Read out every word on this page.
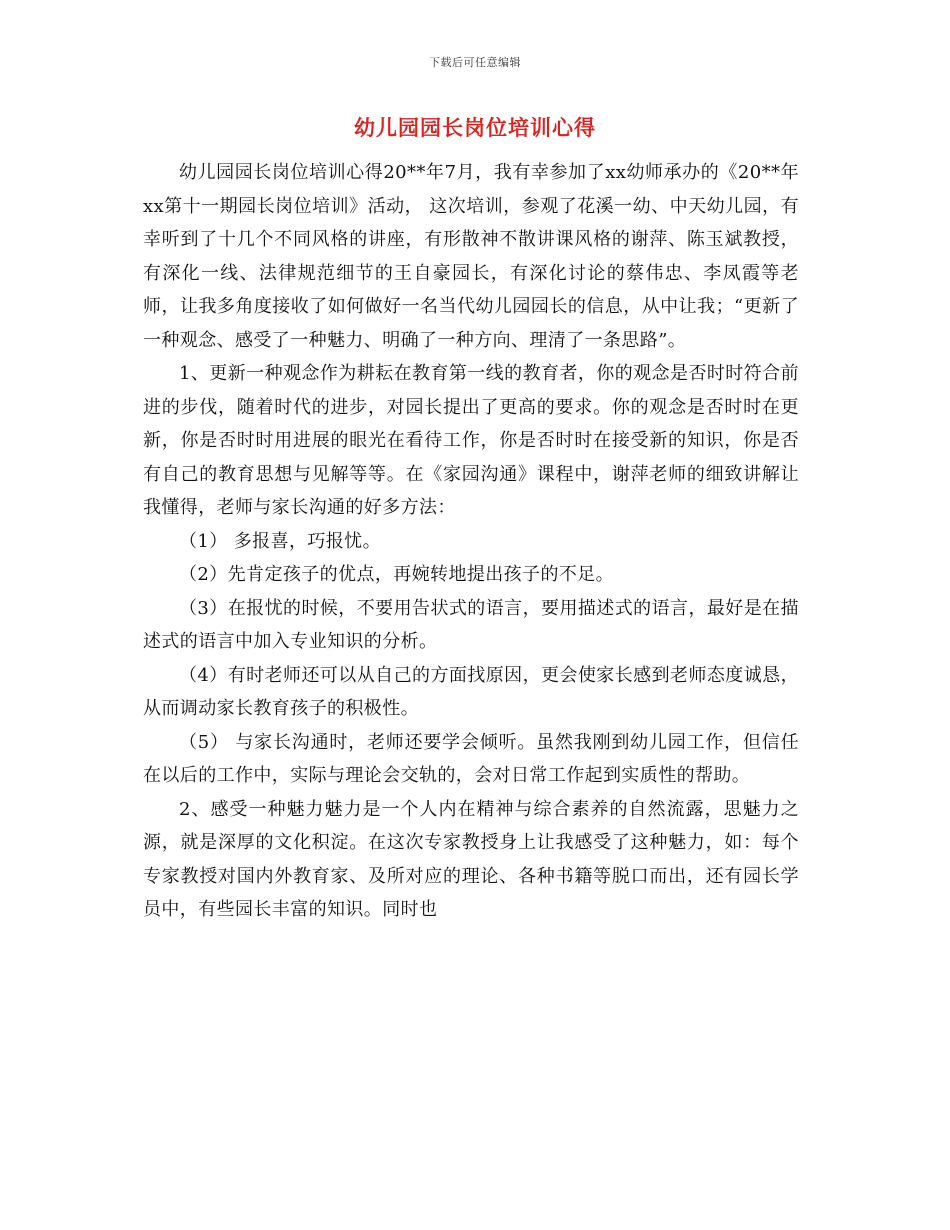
下载后可任意编辑
幼儿园园长岗位培训心得

幼儿园园长岗位培训心得20**年7月，我有幸参加了xx幼师承办的《20**年xx第十一期园长岗位培训》活动， 这次培训，参观了花溪一幼、中天幼儿园，有幸听到了十几个不同风格的讲座，有形散神不散讲课风格的谢萍、陈玉斌教授，有深化一线、法律规范细节的王自豪园长，有深化讨论的蔡伟忠、李凤霞等老师，让我多角度接收了如何做好一名当代幼儿园园长的信息，从中让我；“更新了一种观念、感受了一种魅力、明确了一种方向、理清了一条思路”。

1、更新一种观念作为耕耘在教育第一线的教育者，你的观念是否时时符合前进的步伐，随着时代的进步，对园长提出了更高的要求。你的观念是否时时在更新，你是否时时用进展的眼光在看待工作，你是否时时在接受新的知识，你是否有自己的教育思想与见解等等。在《家园沟通》课程中，谢萍老师的细致讲解让我懂得，老师与家长沟通的好多方法：

（1） 多报喜，巧报忧。

（2）先肯定孩子的优点，再婉转地提出孩子的不足。

（3）在报忧的时候，不要用告状式的语言，要用描述式的语言，最好是在描述式的语言中加入专业知识的分析。

（4）有时老师还可以从自己的方面找原因，更会使家长感到老师态度诚恳，从而调动家长教育孩子的积极性。

（5） 与家长沟通时，老师还要学会倾听。虽然我刚到幼儿园工作，但信任在以后的工作中，实际与理论会交轨的，会对日常工作起到实质性的帮助。

2、感受一种魅力魅力是一个人内在精神与综合素养的自然流露，思魅力之源，就是深厚的文化积淀。在这次专家教授身上让我感受了这种魅力，如：每个专家教授对国内外教育家、及所对应的理论、各种书籍等脱口而出，还有园长学员中，有些园长丰富的知识。同时也
